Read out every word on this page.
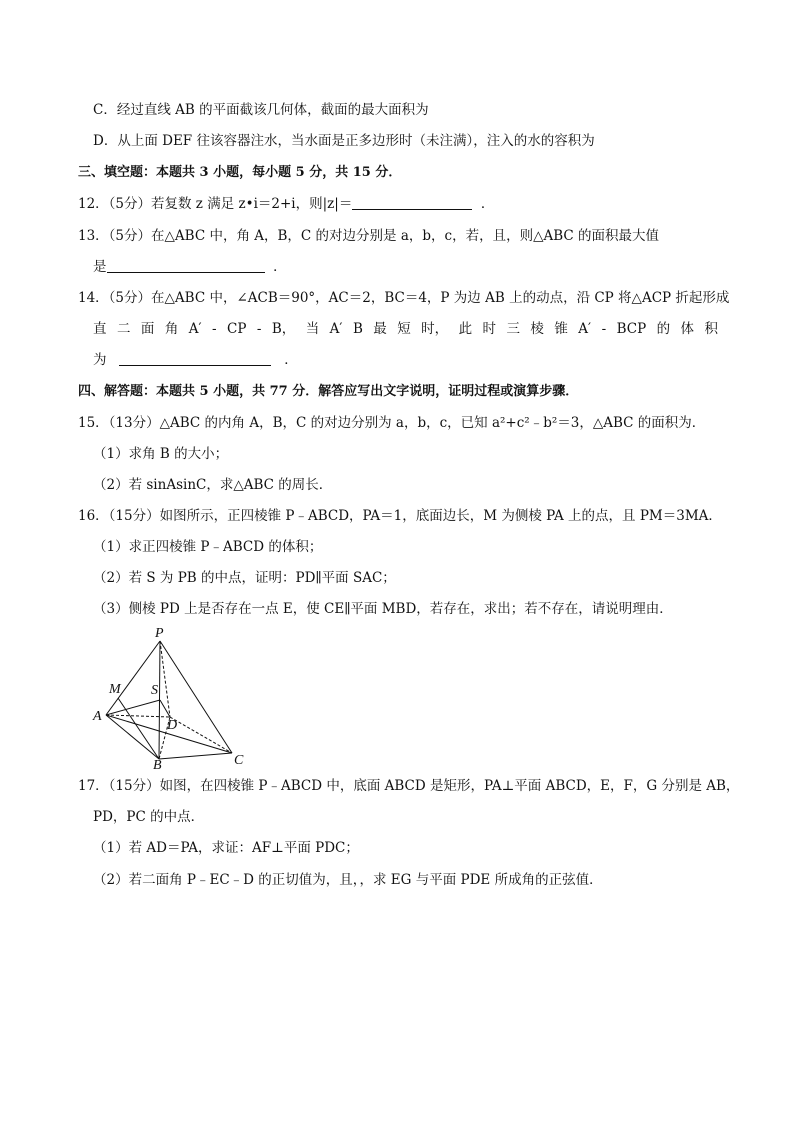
C．经过直线 AB 的平面截该几何体，截面的最大面积为
D．从上面 DEF 往该容器注水，当水面是正多边形时（未注满），注入的水的容积为
三、填空题：本题共 3 小题，每小题 5 分，共 15 分．
12．（5分）若复数 z 满足 z•i＝2+i，则|z|＝	．
13．（5分）在△ABC 中，角 A，B，C 的对边分别是 a，b，c，若，且，则△ABC 的面积最大值
是	．
14．（5分）在△ABC 中，∠ACB＝90°，AC＝2，BC＝4，P 为边 AB 上的动点，沿 CP 将△ACP 折起形成
直 二 面 角 A′ - CP - B， 当 A′ B 最 短 时， 此 时 三 棱 锥 A′ - BCP 的 体 积
为	．
四、解答题：本题共 5 小题，共 77 分．解答应写出文字说明，证明过程或演算步骤．
15．（13分）△ABC 的内角 A，B，C 的对边分别为 a，b，c，已知 a²+c²﹣b²＝3，△ABC 的面积为．
（1）求角 B 的大小；
（2）若 sinAsinC，求△ABC 的周长．
16．（15分）如图所示，正四棱锥 P﹣ABCD，PA＝1，底面边长，M 为侧棱 PA 上的点，且 PM＝3MA．
（1）求正四棱锥 P﹣ABCD 的体积；
（2）若 S 为 PB 的中点，证明：PD∥平面 SAC；
（3）侧棱 PD 上是否存在一点 E，使 CE∥平面 MBD，若存在，求出；若不存在，请说明理由．
P
M S
A
D
B	C
17．（15分）如图，在四棱锥 P﹣ABCD 中，底面 ABCD 是矩形，PA⊥平面 ABCD，E，F，G 分别是 AB，
PD，PC 的中点．
（1）若 AD＝PA，求证：AF⊥平面 PDC；
（2）若二面角 P﹣EC﹣D 的正切值为，且，，求 EG 与平面 PDE 所成角的正弦值．
